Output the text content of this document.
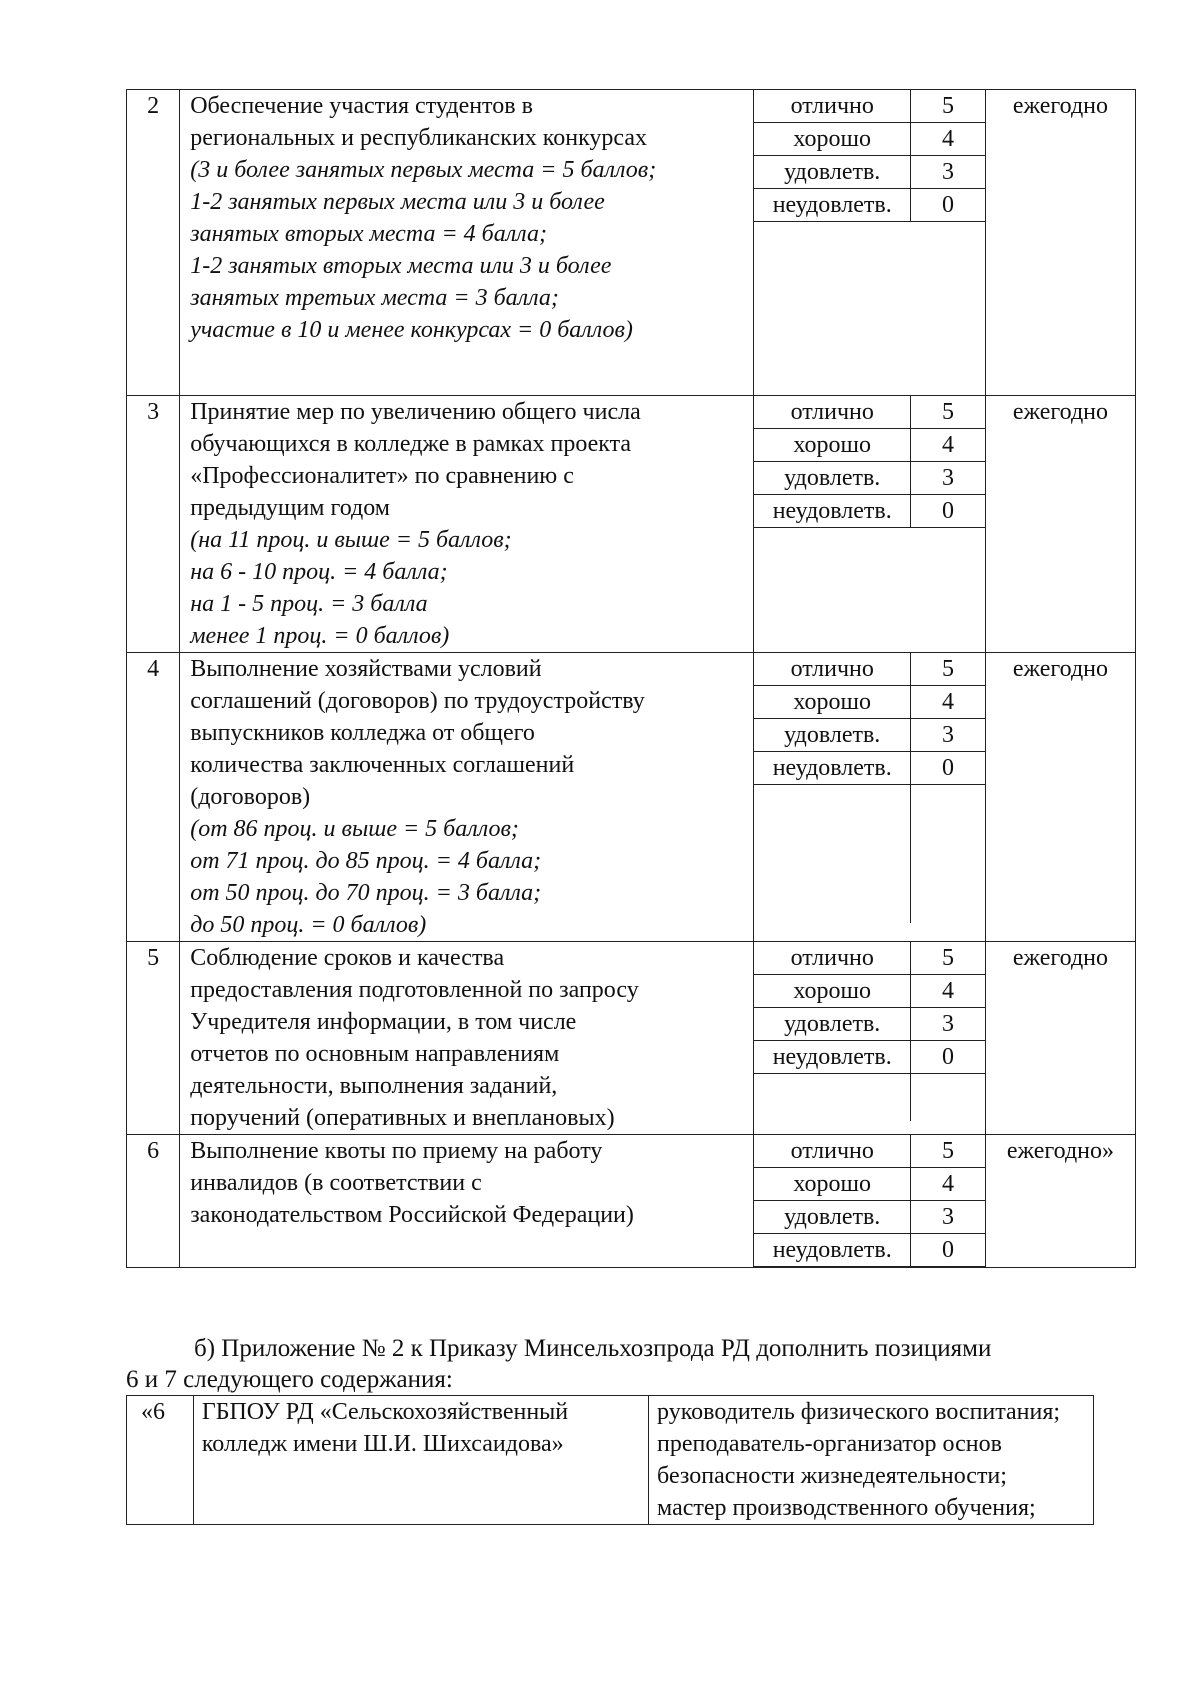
2	Обеспечение участия студентов в
региональных и республиканских конкурсах
(3 и более занятых первых места = 5 баллов;
1-2 занятых первых места или 3 и более
занятых вторых места = 4 балла;
1-2 занятых вторых места или 3 и более
занятых третьих места = 3 балла;
участие в 10 и менее конкурсах = 0 баллов)

отлично	5
хорошо	4
удовлетв.	3
неудовлетв.	0

	ежегодно
3	Принятие мер по увеличению общего числа
обучающихся в колледже в рамках проекта
«Профессионалитет» по сравнению с
предыдущим годом
(на 11 проц. и выше = 5 баллов;
на 6 - 10 проц. = 4 балла;
на 1 - 5 проц. = 3 балла
менее 1 проц. = 0 баллов)

отлично	5
хорошо	4
удовлетв.	3
неудовлетв.	0

	ежегодно
4	Выполнение хозяйствами условий
соглашений (договоров) по трудоустройству
выпускников колледжа от общего
количества заключенных соглашений
(договоров)
(от 86 проц. и выше = 5 баллов;
от 71 проц. до 85 проц. = 4 балла;
от 50 проц. до 70 проц. = 3 балла;
до 50 проц. = 0 баллов)

отлично	5
хорошо	4
удовлетв.	3
неудовлетв.	0

	ежегодно
5	Соблюдение сроков и качества
предоставления подготовленной по запросу
Учредителя информации, в том числе
отчетов по основным направлениям
деятельности, выполнения заданий,
поручений (оперативных и внеплановых)

отлично	5
хорошо	4
удовлетв.	3
неудовлетв.	0

	ежегодно
6	Выполнение квоты по приему на работу
инвалидов (в соответствии с
законодательством Российской Федерации)

отлично	5
хорошо	4
удовлетв.	3
неудовлетв.	0

	ежегодно»
б) Приложение № 2 к Приказу Минсельхозпрода РД дополнить позициями
6 и 7 следующего содержания:
«6	ГБПОУ РД «Сельскохозяйственный колледж имени Ш.И. Шихсаидова»	
руководитель физического воспитания;
преподаватель-организатор основ безопасности жизнедеятельности;
мастер производственного обучения;
